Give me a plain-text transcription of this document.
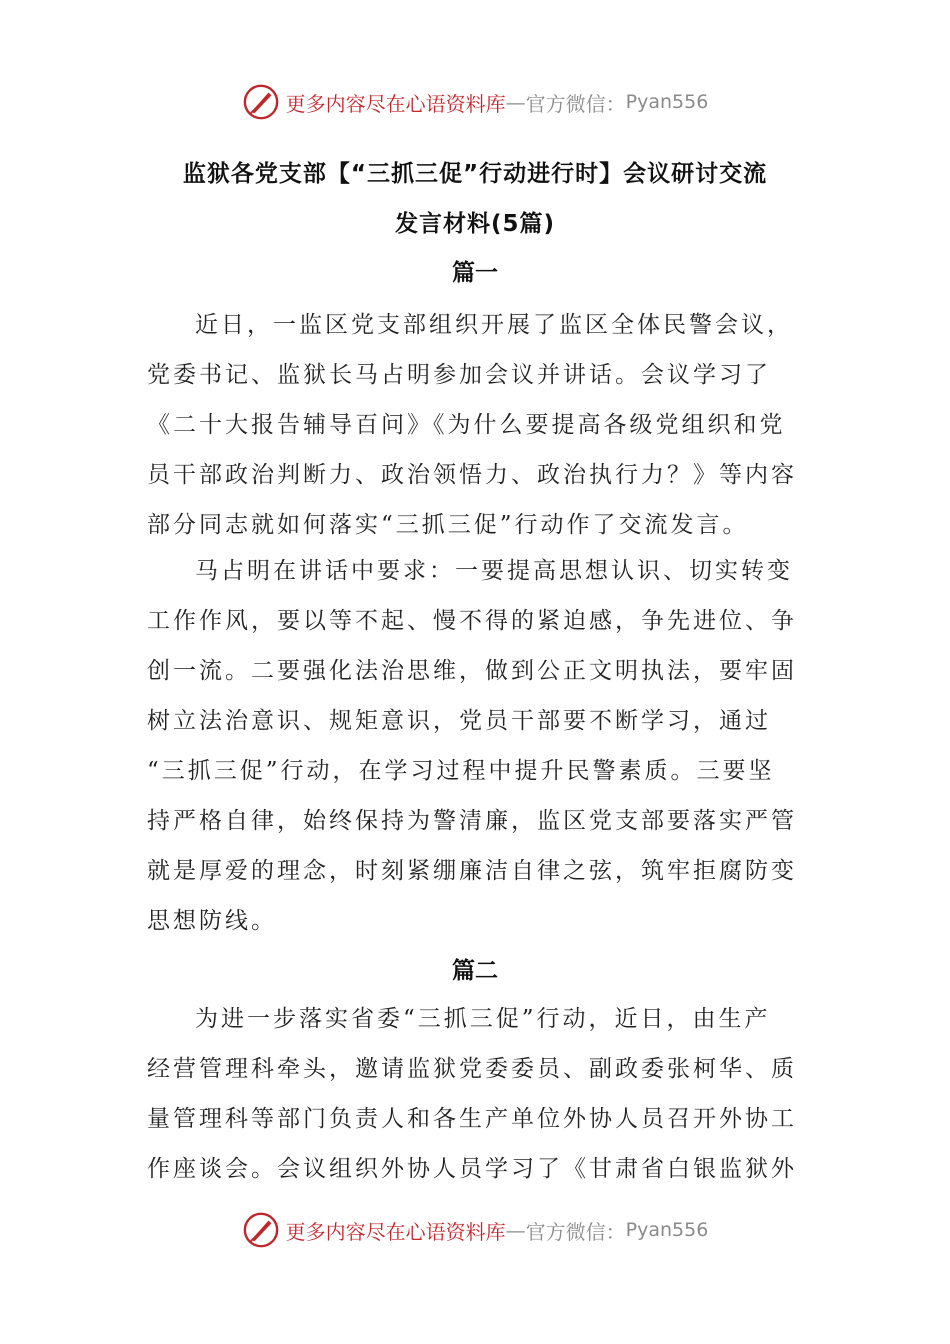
更多内容尽在心语资料库 — 官方微信： Pyan556
监狱各党支部【“三抓三促”行动进行时】会议研讨交流
发言材料(5篇)
篇一
近日，一监区党支部组织开展了监区全体民警会议，
党委书记、监狱长马占明参加会议并讲话。会议学习了
《二十大报告辅导百问》《为什么要提高各级党组织和党
员干部政治判断力、政治领悟力、政治执行力？》等内容
部分同志就如何落实“三抓三促”行动作了交流发言。
马占明在讲话中要求：一要提高思想认识、切实转变
工作作风，要以等不起、慢不得的紧迫感，争先进位、争
创一流。二要强化法治思维，做到公正文明执法，要牢固
树立法治意识、规矩意识，党员干部要不断学习，通过
“三抓三促”行动，在学习过程中提升民警素质。三要坚
持严格自律，始终保持为警清廉，监区党支部要落实严管
就是厚爱的理念，时刻紧绷廉洁自律之弦，筑牢拒腐防变
思想防线。
篇二
为进一步落实省委“三抓三促”行动，近日，由生产
经营管理科牵头，邀请监狱党委委员、副政委张柯华、质
量管理科等部门负责人和各生产单位外协人员召开外协工
作座谈会。会议组织外协人员学习了《甘肃省白银监狱外
更多内容尽在心语资料库 — 官方微信： Pyan556
